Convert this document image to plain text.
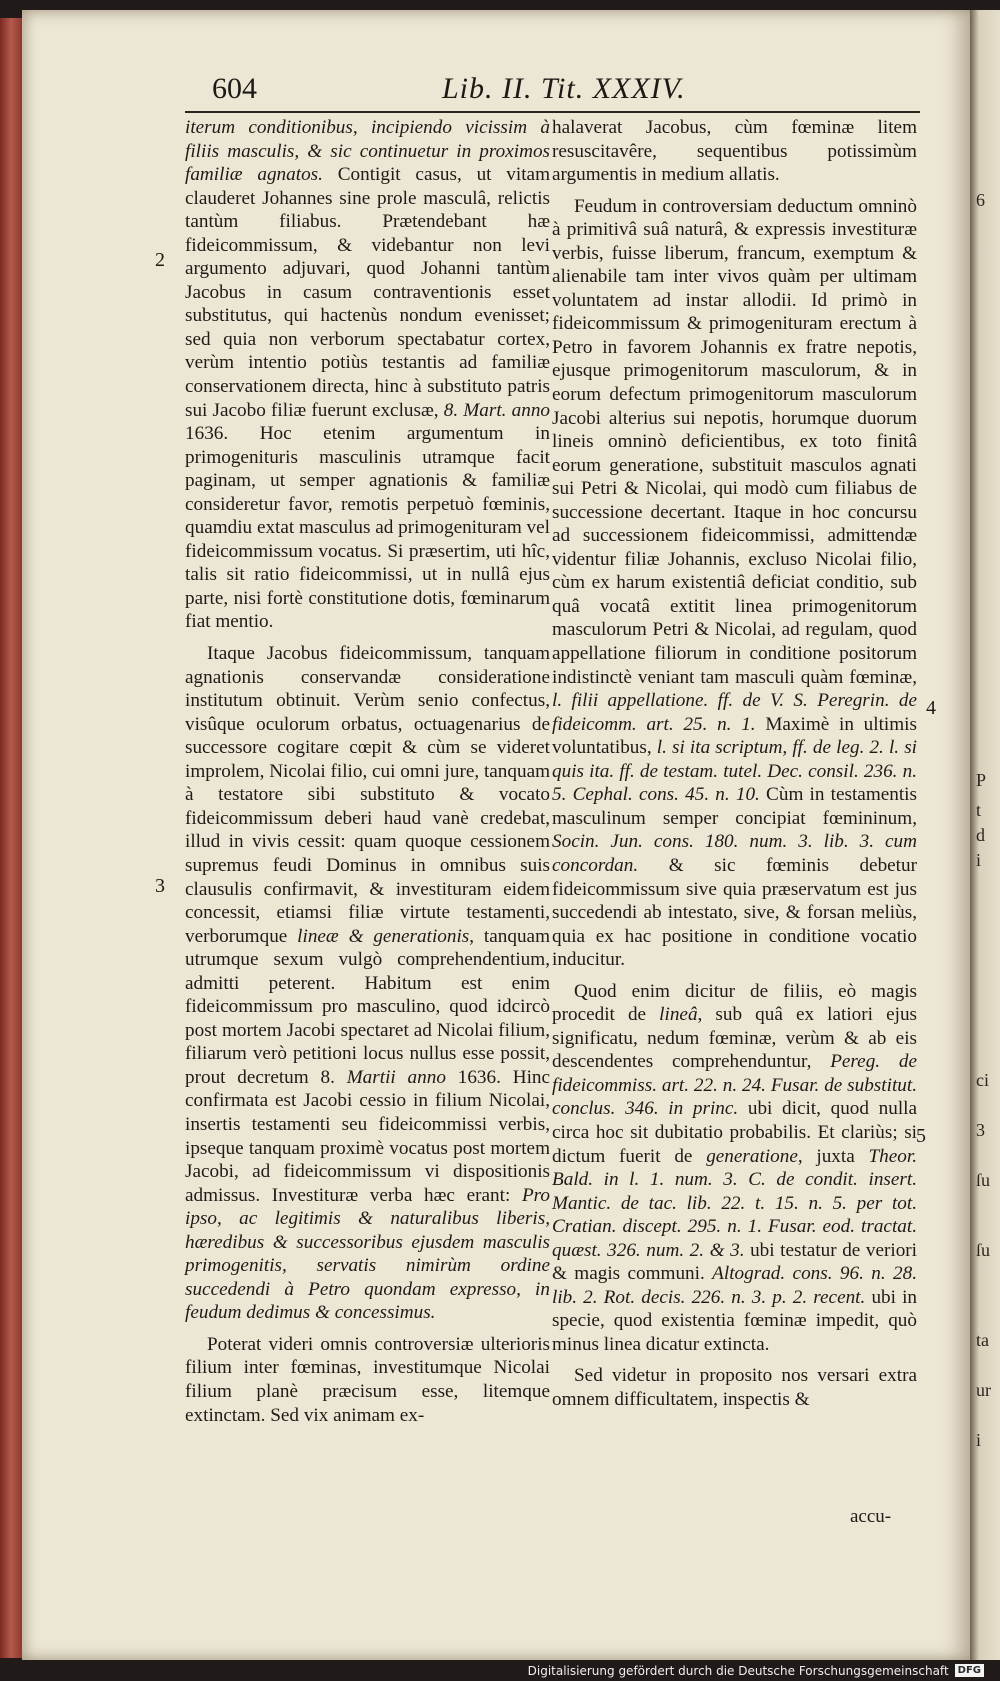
604	Lib. II. Tit. XXXIV.
2
3
4
5

iterum conditionibus, incipiendo vicissim à filiis masculis, & sic continuetur in proximos familiæ agnatos. Contigit casus, ut vitam clauderet Johannes sine prole masculâ, relictis tantùm filiabus. Prætendebant hæ fideicommissum, & videbantur non levi argumento adjuvari, quod Johanni tantùm Jacobus in casum contraventionis esset substitutus, qui hactenùs nondum evenisset; sed quia non verborum spectabatur cortex, verùm intentio potiùs testantis ad familiæ conservationem directa, hinc à substituto patris sui Jacobo filiæ fuerunt exclusæ, 8. Mart. anno 1636. Hoc etenim argumentum in primogenituris masculinis utramque facit paginam, ut semper agnationis & familiæ consideretur favor, remotis perpetuò fœminis, quamdiu extat masculus ad primogenituram vel fideicommissum vocatus. Si præsertim, uti hîc, talis sit ratio fideicommissi, ut in nullâ ejus parte, nisi fortè constitutione dotis, fœminarum fiat mentio.

Itaque Jacobus fideicommissum, tanquam agnationis conservandæ consideratione institutum obtinuit. Verùm senio confectus, visûque oculorum orbatus, octuagenarius de successore cogitare cœpit & cùm se videret improlem, Nicolai filio, cui omni jure, tanquam à testatore sibi substituto & vocato fideicommissum deberi haud vanè credebat, illud in vivis cessit: quam quoque cessionem supremus feudi Dominus in omnibus suis clausulis confirmavit, & investituram eidem concessit, etiamsi filiæ virtute testamenti, verborumque lineæ & generationis, tanquam utrumque sexum vulgò comprehendentium, admitti peterent. Habitum est enim fideicommissum pro masculino, quod idcircò post mortem Jacobi spectaret ad Nicolai filium, filiarum verò petitioni locus nullus esse possit, prout decretum 8. Martii anno 1636. Hinc confirmata est Jacobi cessio in filium Nicolai, insertis testamenti seu fideicommissi verbis, ipseque tanquam proximè vocatus post mortem Jacobi, ad fideicommissum vi dispositionis admissus. Investituræ verba hæc erant: Pro ipso, ac legitimis & naturalibus liberis, hæredibus & successoribus ejusdem masculis primogenitis, servatis nimirùm ordine succedendi à Petro quondam expresso, in feudum dedimus & concessimus.

Poterat videri omnis controversiæ ulterioris filium inter fœminas, investitumque Nicolai filium planè præcisum esse, litemque extinctam. Sed vix animam ex-

halaverat Jacobus, cùm fœminæ litem resuscitavêre, sequentibus potissimùm argumentis in medium allatis.

Feudum in controversiam deductum omninò à primitivâ suâ naturâ, & expressis investituræ verbis, fuisse liberum, francum, exemptum & alienabile tam inter vivos quàm per ultimam voluntatem ad instar allodii. Id primò in fideicommissum & primogenituram erectum à Petro in favorem Johannis ex fratre nepotis, ejusque primogenitorum masculorum, & in eorum defectum primogenitorum masculorum Jacobi alterius sui nepotis, horumque duorum lineis omninò deficientibus, ex toto finitâ eorum generatione, substituit masculos agnati sui Petri & Nicolai, qui modò cum filiabus de successione decertant. Itaque in hoc concursu ad successionem fideicommissi, admittendæ videntur filiæ Johannis, excluso Nicolai filio, cùm ex harum existentiâ deficiat conditio, sub quâ vocatâ extitit linea primogenitorum masculorum Petri & Nicolai, ad regulam, quod appellatione filiorum in conditione positorum indistinctè veniant tam masculi quàm fœminæ, l. filii appellatione. ff. de V. S. Peregrin. de fideicomm. art. 25. n. 1. Maximè in ultimis voluntatibus, l. si ita scriptum, ff. de leg. 2. l. si quis ita. ff. de testam. tutel. Dec. consil. 236. n. 5. Cephal. cons. 45. n. 10. Cùm in testamentis masculinum semper concipiat fœmininum, Socin. Jun. cons. 180. num. 3. lib. 3. cum concordan. & sic fœminis debetur fideicommissum sive quia præservatum est jus succedendi ab intestato, sive, & forsan meliùs, quia ex hac positione in conditione vocatio inducitur.

Quod enim dicitur de filiis, eò magis procedit de lineâ, sub quâ ex latiori ejus significatu, nedum fœminæ, verùm & ab eis descendentes comprehenduntur, Pereg. de fideicommiss. art. 22. n. 24. Fusar. de substitut. conclus. 346. in princ. ubi dicit, quod nulla circa hoc sit dubitatio probabilis. Et clariùs; si dictum fuerit de generatione, juxta Theor. Bald. in l. 1. num. 3. C. de condit. insert. Mantic. de tac. lib. 22. t. 15. n. 5. per tot. Cratian. discept. 295. n. 1. Fusar. eod. tractat. quæst. 326. num. 2. & 3. ubi testatur de veriori & magis communi. Altograd. cons. 96. n. 28. lib. 2. Rot. decis. 226. n. 3. p. 2. recent. ubi in specie, quod existentia fœminæ impedit, quò minus linea dicatur extincta.

Sed videtur in proposito nos versari extra omnem difficultatem, inspectis &

accu-
6
P
t
d
i
ci
3
ſu
ſu
ta
ur
i
Digitalisierung gefördert durch die Deutsche Forschungsgemeinschaft DFG
